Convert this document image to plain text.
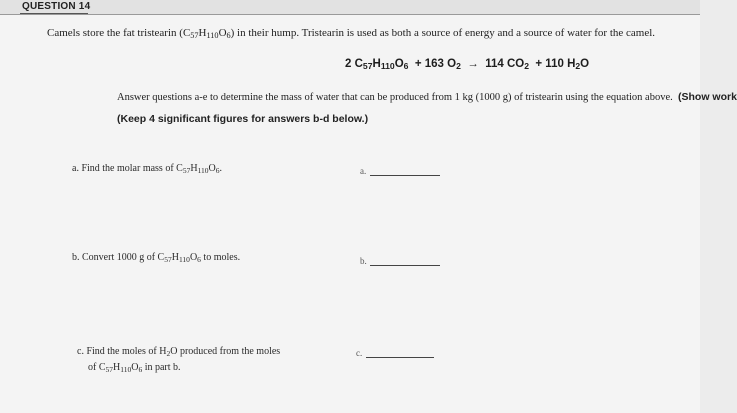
QUESTION 14
Camels store the fat tristearin $(C_{57}H_{110}O_6)$ in their hump. Tristearin is used as both a source of energy and a source of water for the camel.
2 $C_{57}H_{110}O_6 + 163$ $O_2 \to 114$ $CO_2 + 110$ $H_2O$
Answer questions a-e to determine the mass of water that can be produced from 1 kg (1000 g) of tristearin using the equation above. (Show work
(Keep 4 significant figures for answers b-d below.)
a. Find the molar mass of $C_{57}H_{110}O_6$.	a.
b. Convert 1000 g of $C_{57}H_{110}O_6$ to moles.	b.
c. Find the moles of $H_2O$ produced from the moles
of $C_{57}H_{110}O_6$ in part b.
c.
